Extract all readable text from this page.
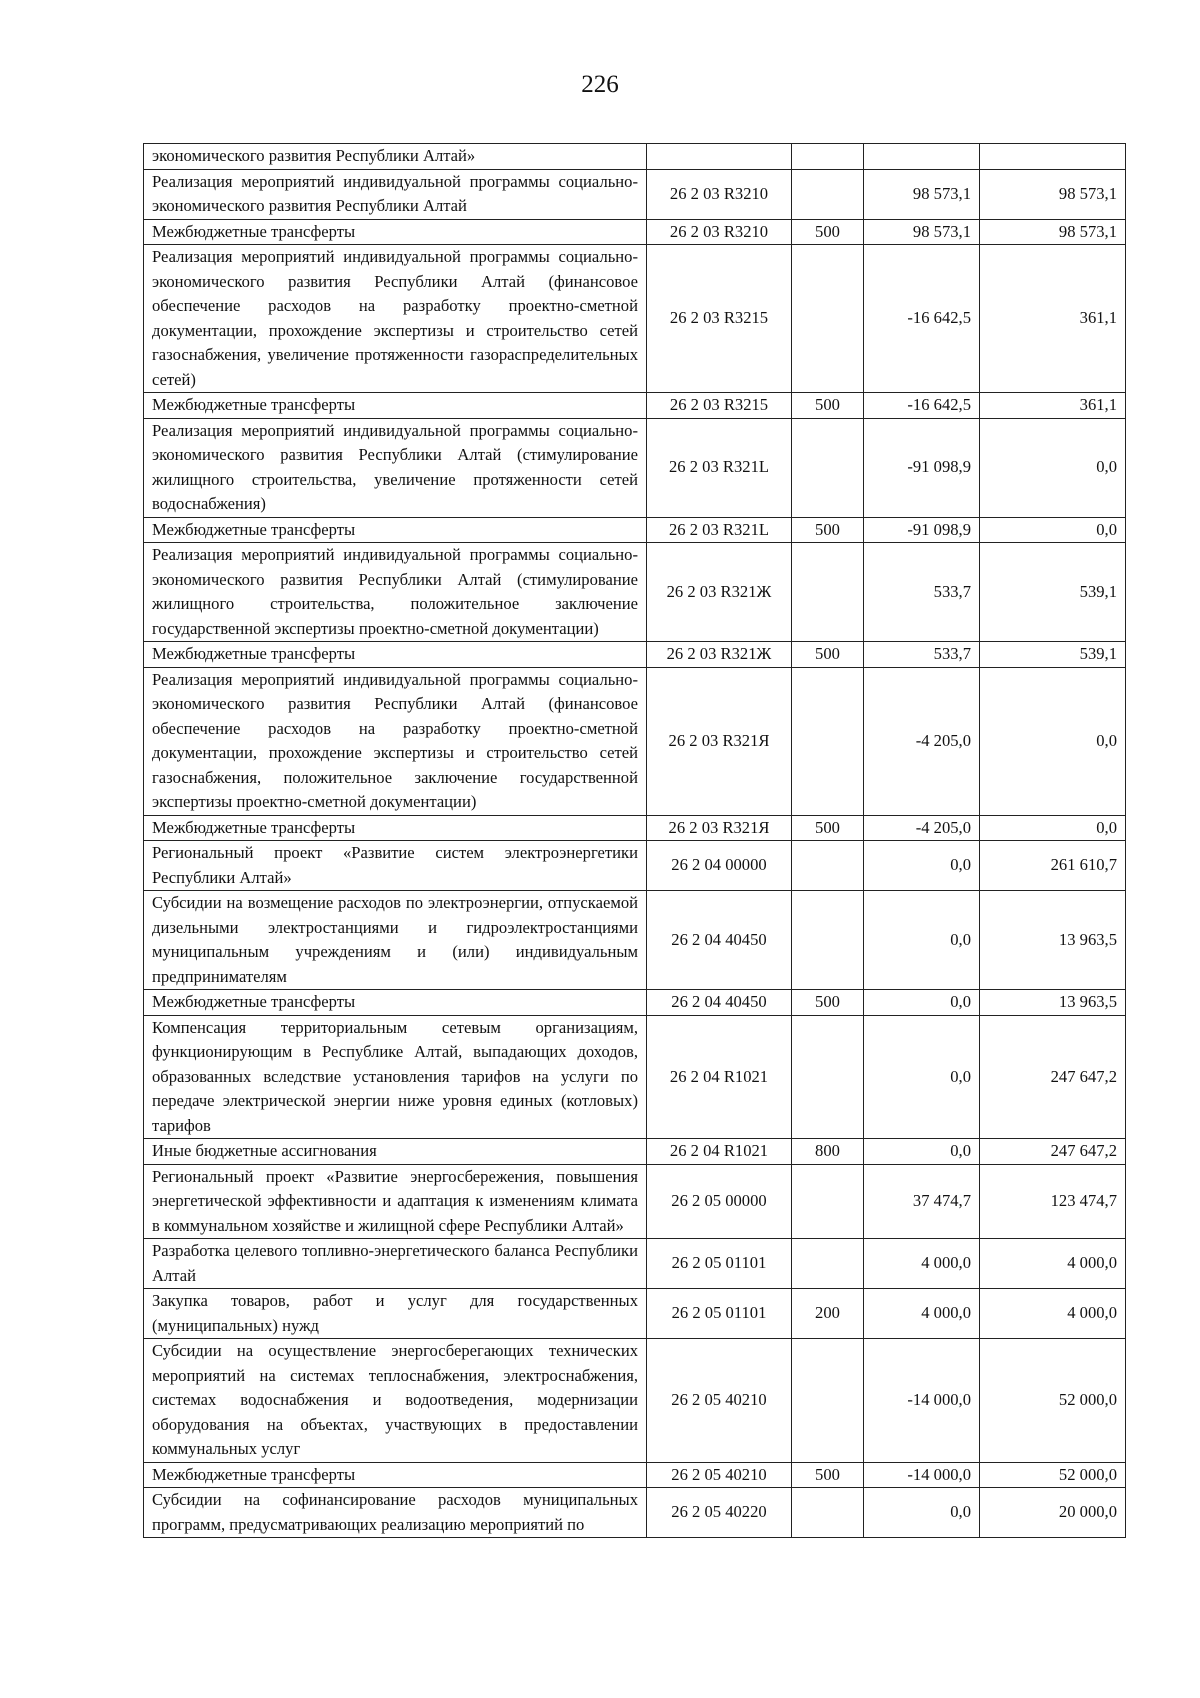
226
экономического развития Республики Алтай»				
Реализация мероприятий индивидуальной программы социально-экономического развития Республики Алтай	26 2 03 R3210		98 573,1	98 573,1
Межбюджетные трансферты	26 2 03 R3210	500	98 573,1	98 573,1
Реализация мероприятий индивидуальной программы социально-экономического развития Республики Алтай (финансовое обеспечение расходов на разработку проектно-сметной документации, прохождение экспертизы и строительство сетей газоснабжения, увеличение протяженности газораспределительных сетей)	26 2 03 R3215		-16 642,5	361,1
Межбюджетные трансферты	26 2 03 R3215	500	-16 642,5	361,1
Реализация мероприятий индивидуальной программы социально-экономического развития Республики Алтай (стимулирование жилищного строительства, увеличение протяженности сетей водоснабжения)	26 2 03 R321L		-91 098,9	0,0
Межбюджетные трансферты	26 2 03 R321L	500	-91 098,9	0,0
Реализация мероприятий индивидуальной программы социально-экономического развития Республики Алтай (стимулирование жилищного строительства, положительное заключение государственной экспертизы проектно-сметной документации)	26 2 03 R321Ж		533,7	539,1
Межбюджетные трансферты	26 2 03 R321Ж	500	533,7	539,1
Реализация мероприятий индивидуальной программы социально-экономического развития Республики Алтай (финансовое обеспечение расходов на разработку проектно-сметной документации, прохождение экспертизы и строительство сетей газоснабжения, положительное заключение государственной экспертизы проектно-сметной документации)	26 2 03 R321Я		-4 205,0	0,0
Межбюджетные трансферты	26 2 03 R321Я	500	-4 205,0	0,0
Региональный проект «Развитие систем электроэнергетики Республики Алтай»	26 2 04 00000		0,0	261 610,7
Субсидии на возмещение расходов по электроэнергии, отпускаемой дизельными электростанциями и гидроэлектростанциями муниципальным учреждениям и (или) индивидуальным предпринимателям	26 2 04 40450		0,0	13 963,5
Межбюджетные трансферты	26 2 04 40450	500	0,0	13 963,5
Компенсация территориальным сетевым организациям, функционирующим в Республике Алтай, выпадающих доходов, образованных вследствие установления тарифов на услуги по передаче электрической энергии ниже уровня единых (котловых) тарифов	26 2 04 R1021		0,0	247 647,2
Иные бюджетные ассигнования	26 2 04 R1021	800	0,0	247 647,2
Региональный проект «Развитие энергосбережения, повышения энергетической эффективности и адаптация к изменениям климата в коммунальном хозяйстве и жилищной сфере Республики Алтай»	26 2 05 00000		37 474,7	123 474,7
Разработка целевого топливно-энергетического баланса Республики Алтай	26 2 05 01101		4 000,0	4 000,0
Закупка товаров, работ и услуг для государственных (муниципальных) нужд	26 2 05 01101	200	4 000,0	4 000,0
Субсидии на осуществление энергосберегающих технических мероприятий на системах теплоснабжения, электроснабжения, системах водоснабжения и водоотведения, модернизации оборудования на объектах, участвующих в предоставлении коммунальных услуг	26 2 05 40210		-14 000,0	52 000,0
Межбюджетные трансферты	26 2 05 40210	500	-14 000,0	52 000,0
Субсидии на софинансирование расходов муниципальных программ, предусматривающих реализацию мероприятий по	26 2 05 40220		0,0	20 000,0
